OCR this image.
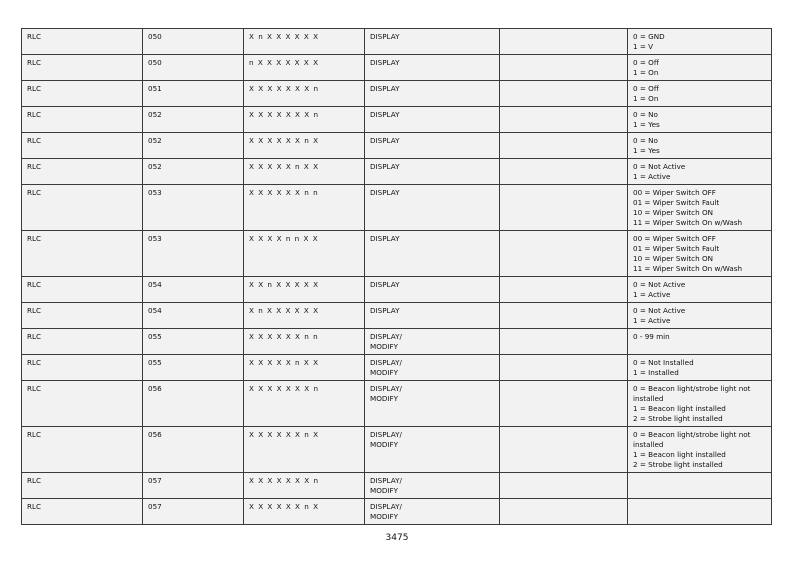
RLC	050	X n X X X X X X	DISPLAY		0 = GND
1 = V
RLC	050	n X X X X X X X	DISPLAY		0 = Off
1 = On
RLC	051	X X X X X X X n	DISPLAY		0 = Off
1 = On
RLC	052	X X X X X X X n	DISPLAY		0 = No
1 = Yes
RLC	052	X X X X X X n X	DISPLAY		0 = No
1 = Yes
RLC	052	X X X X X n X X	DISPLAY		0 = Not Active
1 = Active
RLC	053	X X X X X X n n	DISPLAY		00 = Wiper Switch OFF
01 = Wiper Switch Fault
10 = Wiper Switch ON
11 = Wiper Switch On w/Wash
RLC	053	X X X X n n X X	DISPLAY		00 = Wiper Switch OFF
01 = Wiper Switch Fault
10 = Wiper Switch ON
11 = Wiper Switch On w/Wash
RLC	054	X X n X X X X X	DISPLAY		0 = Not Active
1 = Active
RLC	054	X n X X X X X X	DISPLAY		0 = Not Active
1 = Active
RLC	055	X X X X X X n n	DISPLAY/
MODIFY		0 - 99 min
RLC	055	X X X X X n X X	DISPLAY/
MODIFY		0 = Not Installed
1 = Installed
RLC	056	X X X X X X X n	DISPLAY/
MODIFY		0 = Beacon light/strobe light not
installed
1 = Beacon light installed
2 = Strobe light installed
RLC	056	X X X X X X n X	DISPLAY/
MODIFY		0 = Beacon light/strobe light not
installed
1 = Beacon light installed
2 = Strobe light installed
RLC	057	X X X X X X X n	DISPLAY/
MODIFY		
RLC	057	X X X X X X n X	DISPLAY/
MODIFY		
3475
